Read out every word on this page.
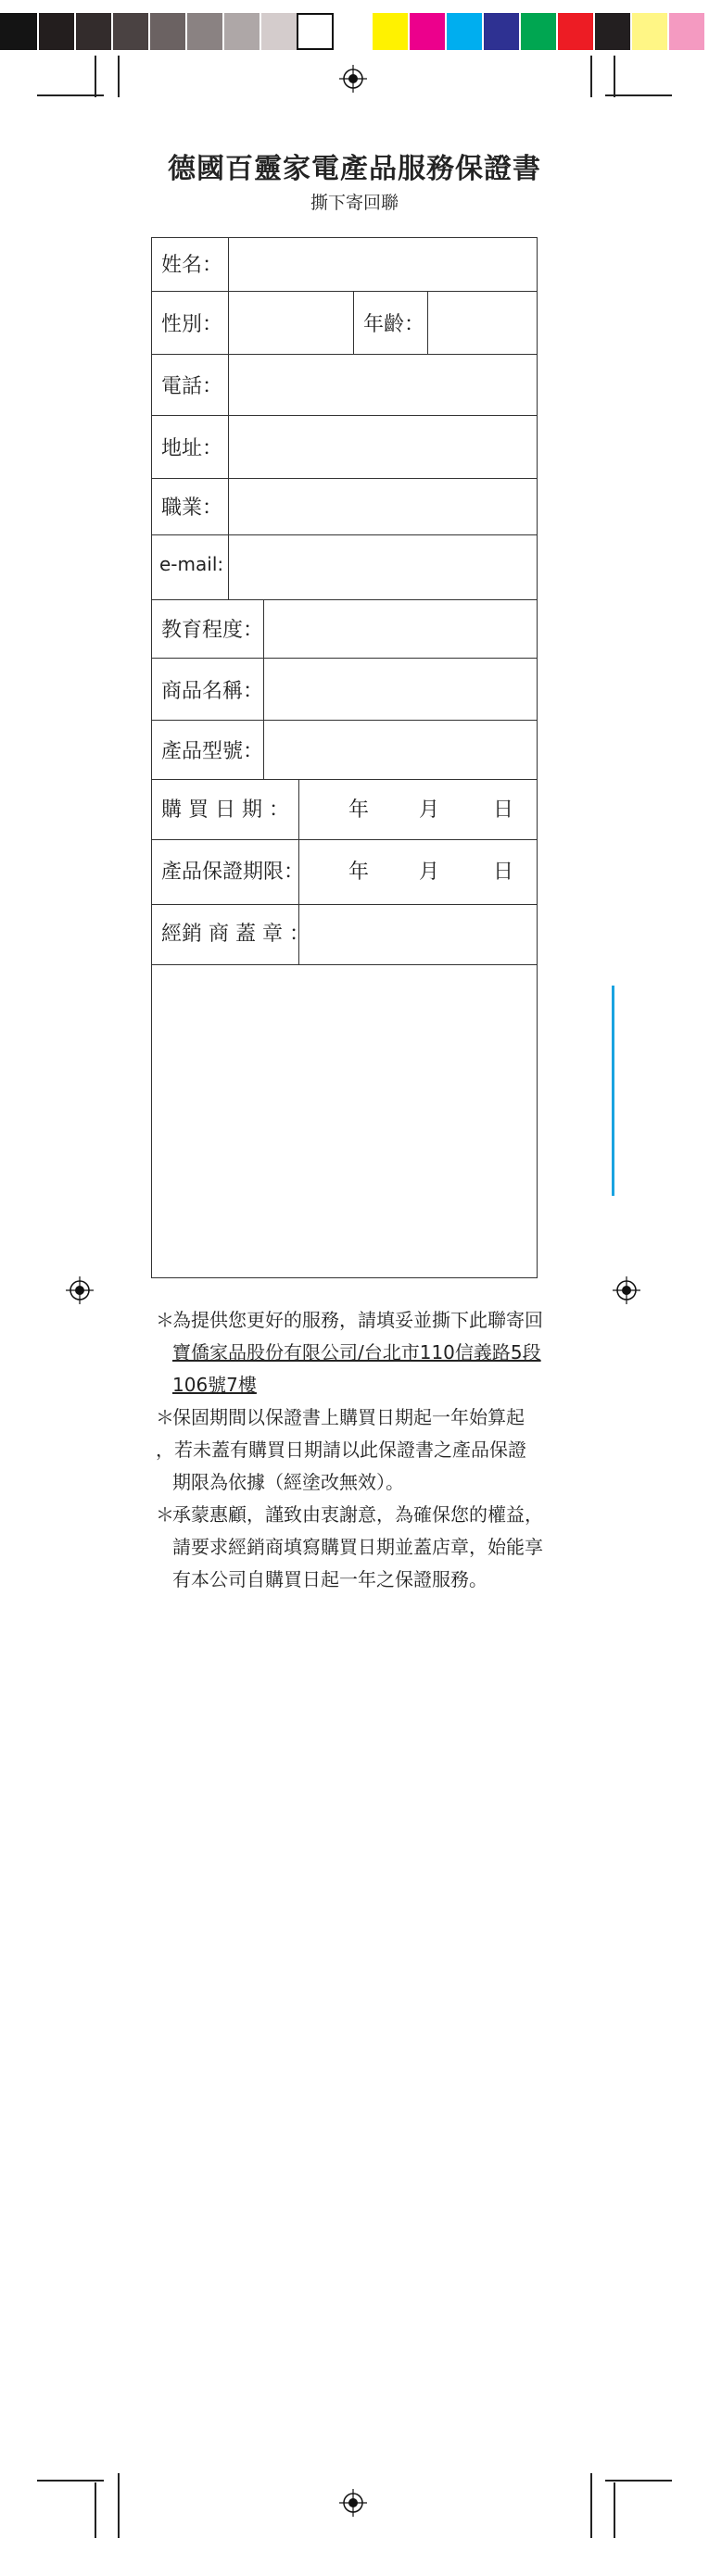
德國百靈家電產品服務保證書
撕下寄回聯
姓名：
性別：	年齡：
電話：
地址：
職業：
e-mail:
教育程度：
商品名稱：
產品型號：
購 買 日 期 ：	年 月	日
產品保證期限： 年 月	日
經銷 商 蓋 章 ：
＊
為提供您更好的服務，請填妥並撕下此聯寄回
寶僑家品股份有限公司/台北市110信義路5段
106號7樓
＊
保固期間以保證書上購買日期起一年始算起
，若未蓋有購買日期請以此保證書之產品保證
期限為依據（經塗改無效）。
＊
承蒙惠顧，謹致由衷謝意，為確保您的權益，
請要求經銷商填寫購買日期並蓋店章，始能享
有本公司自購買日起一年之保證服務。
